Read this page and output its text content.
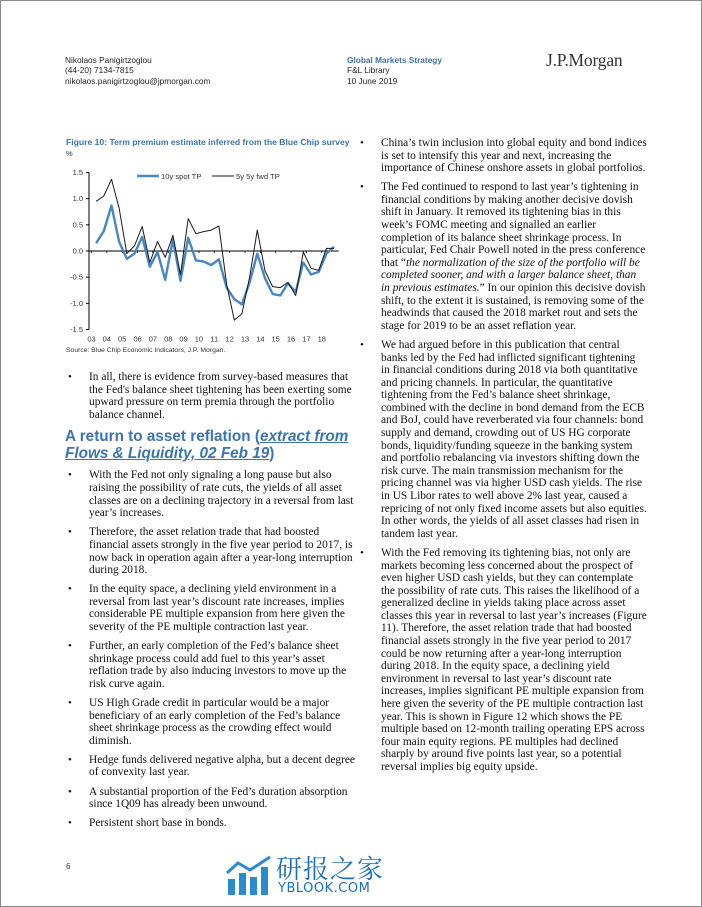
Nikolaos Panigirtzoglou
(44-20) 7134-7815
nikolaos.panigirtzoglou@jpmorgan.com
Global Markets Strategy
F&L Library
10 June 2019
J.P.Morgan
Figure 10: Term premium estimate inferred from the Blue Chip survey
%
1.5
1.0
0.5
0.0
-0.5
-1.0
-1.5
03 04 05 06 07 08 09 10 11 12 13 14 15 16 17 18
10y spot TP	5y 5y fwd TP
Source: Blue Chip Economic Indicators, J.P. Morgan.
• In all, there is evidence from survey-based measures that the Fed's balance sheet tightening has been exerting some upward pressure on term premia through the portfolio balance channel.
A return to asset reflation (extract from Flows & Liquidity, 02 Feb 19)
• With the Fed not only signaling a long pause but also raising the possibility of rate cuts, the yields of all asset classes are on a declining trajectory in a reversal from last year’s increases.
• Therefore, the asset relation trade that had boosted financial assets strongly in the five year period to 2017, is now back in operation again after a year-long interruption during 2018.
• In the equity space, a declining yield environment in a reversal from last year’s discount rate increases, implies considerable PE multiple expansion from here given the severity of the PE multiple contraction last year.
• Further, an early completion of the Fed’s balance sheet shrinkage process could add fuel to this year’s asset reflation trade by also inducing investors to move up the risk curve again.
• US High Grade credit in particular would be a major beneficiary of an early completion of the Fed’s balance sheet shrinkage process as the crowding effect would diminish.
• Hedge funds delivered negative alpha, but a decent degree of convexity last year.
• A substantial proportion of the Fed’s duration absorption since 1Q09 has already been unwound.
• Persistent short base in bonds.
• China’s twin inclusion into global equity and bond indices is set to intensify this year and next, increasing the importance of Chinese onshore assets in global portfolios.
• The Fed continued to respond to last year’s tightening in financial conditions by making another decisive dovish shift in January. It removed its tightening bias in this week’s FOMC meeting and signalled an earlier completion of its balance sheet shrinkage process. In particular, Fed Chair Powell noted in the press conference that “the normalization of the size of the portfolio will be completed sooner, and with a larger balance sheet, than in previous estimates.” In our opinion this decisive dovish shift, to the extent it is sustained, is removing some of the headwinds that caused the 2018 market rout and sets the stage for 2019 to be an asset reflation year.
• We had argued before in this publication that central banks led by the Fed had inflicted significant tightening in financial conditions during 2018 via both quantitative and pricing channels. In particular, the quantitative tightening from the Fed’s balance sheet shrinkage, combined with the decline in bond demand from the ECB and BoJ, could have reverberated via four channels: bond supply and demand, crowding out of US HG corporate bonds, liquidity/funding squeeze in the banking system and portfolio rebalancing via investors shifting down the risk curve. The main transmission mechanism for the pricing channel was via higher USD cash yields. The rise in US Libor rates to well above 2% last year, caused a repricing of not only fixed income assets but also equities. In other words, the yields of all asset classes had risen in tandem last year.
• With the Fed removing its tightening bias, not only are markets becoming less concerned about the prospect of even higher USD cash yields, but they can contemplate the possibility of rate cuts. This raises the likelihood of a generalized decline in yields taking place across asset classes this year in reversal to last year’s increases (Figure 11). Therefore, the asset relation trade that had boosted financial assets strongly in the five year period to 2017 could be now returning after a year-long interruption during 2018. In the equity space, a declining yield environment in reversal to last year’s discount rate increases, implies significant PE multiple expansion from here given the severity of the PE multiple contraction last year. This is shown in Figure 12 which shows the PE multiple based on 12-month trailing operating EPS across four main equity regions. PE multiples had declined sharply by around five points last year, so a potential reversal implies big equity upside.
6	研报之家
YBLOOK.COM
